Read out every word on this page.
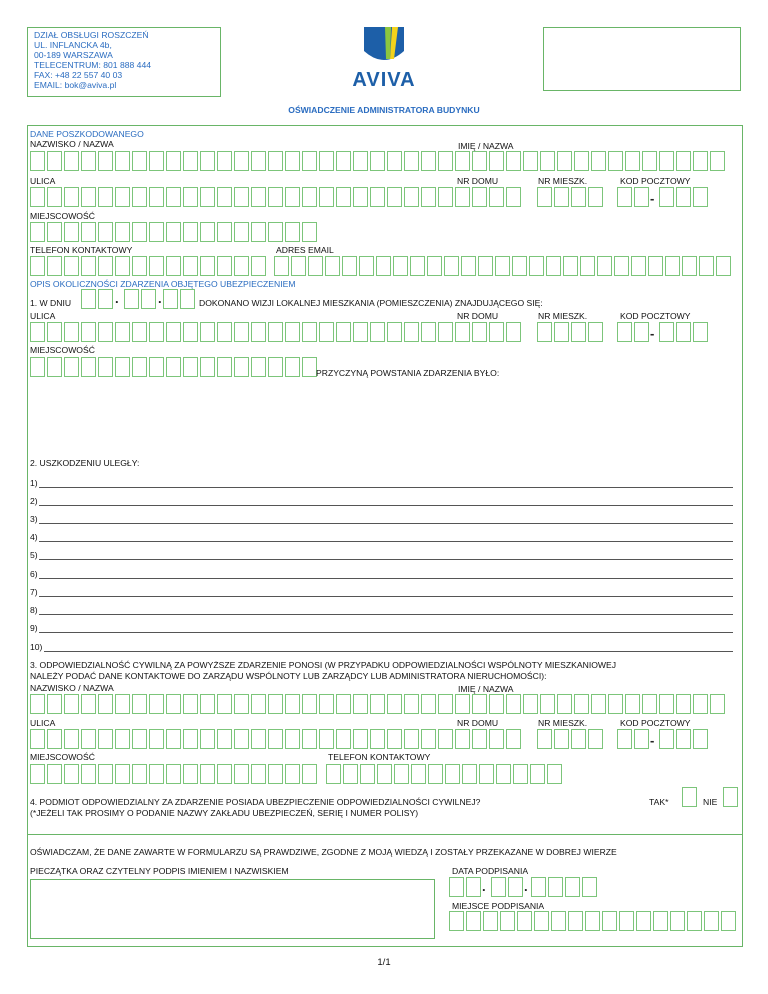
DZIAŁ OBSŁUGI ROSZCZEŃ
UL. INFLANCKA 4b,
00-189 WARSZAWA
TELECENTRUM: 801 888 444
FAX: +48 22 557 40 03
EMAIL: bok@aviva.pl	AVIVA
OŚWIADCZENIE ADMINISTRATORA BUDYNKU
DANE POSZKODOWANEGO
NAZWISKO / NAZWA	IMIĘ / NAZWA
ULICA	NR DOMU	NR MIESZK.	KOD POCZTOWY
-
MIEJSCOWOŚĆ
TELEFON KONTAKTOWY	ADRES EMAIL
OPIS OKOLICZNOŚCI ZDARZENIA OBJĘTEGO UBEZPIECZENIEM
1. W DNIU	.	.	DOKONANO WIZJI LOKALNEJ MIESZKANIA (POMIESZCZENIA) ZNAJDUJĄCEGO SIĘ:
ULICA	NR DOMU	NR MIESZK.	KOD POCZTOWY
-
MIEJSCOWOŚĆ
PRZYCZYNĄ POWSTANIA ZDARZENIA BYŁO:
2. USZKODZENIU ULEGŁY:
1)
2)
3)
4)
5)
6)
7)
8)
9)
10)
3. ODPOWIEDZIALNOŚĆ CYWILNĄ ZA POWYŻSZE ZDARZENIE PONOSI (W PRZYPADKU ODPOWIEDZIALNOŚCI WSPÓLNOTY MIESZKANIOWEJ
NALEŻY PODAĆ DANE KONTAKTOWE DO ZARZĄDU WSPÓLNOTY LUB ZARZĄDCY LUB ADMINISTRATORA NIERUCHOMOŚCI):
NAZWISKO / NAZWA	IMIĘ / NAZWA
ULICA	NR DOMU	NR MIESZK.	KOD POCZTOWY
-
MIEJSCOWOŚĆ	TELEFON KONTAKTOWY
4. PODMIOT ODPOWIEDZIALNY ZA ZDARZENIE POSIADA UBEZPIECZENIE ODPOWIEDZIALNOŚCI CYWILNEJ?
(*JEŻELI TAK PROSIMY O PODANIE NAZWY ZAKŁADU UBEZPIECZEŃ, SERIĘ I NUMER POLISY)
TAK*	NIE
OŚWIADCZAM, ŻE DANE ZAWARTE W FORMULARZU SĄ PRAWDZIWE, ZGODNE Z MOJĄ WIEDZĄ I ZOSTAŁY PRZEKAZANE W DOBREJ WIERZE
PIECZĄTKA ORAZ CZYTELNY PODPIS IMIENIEM I NAZWISKIEM	DATA PODPISANIA
.	.
MIEJSCE PODPISANIA
1/1
